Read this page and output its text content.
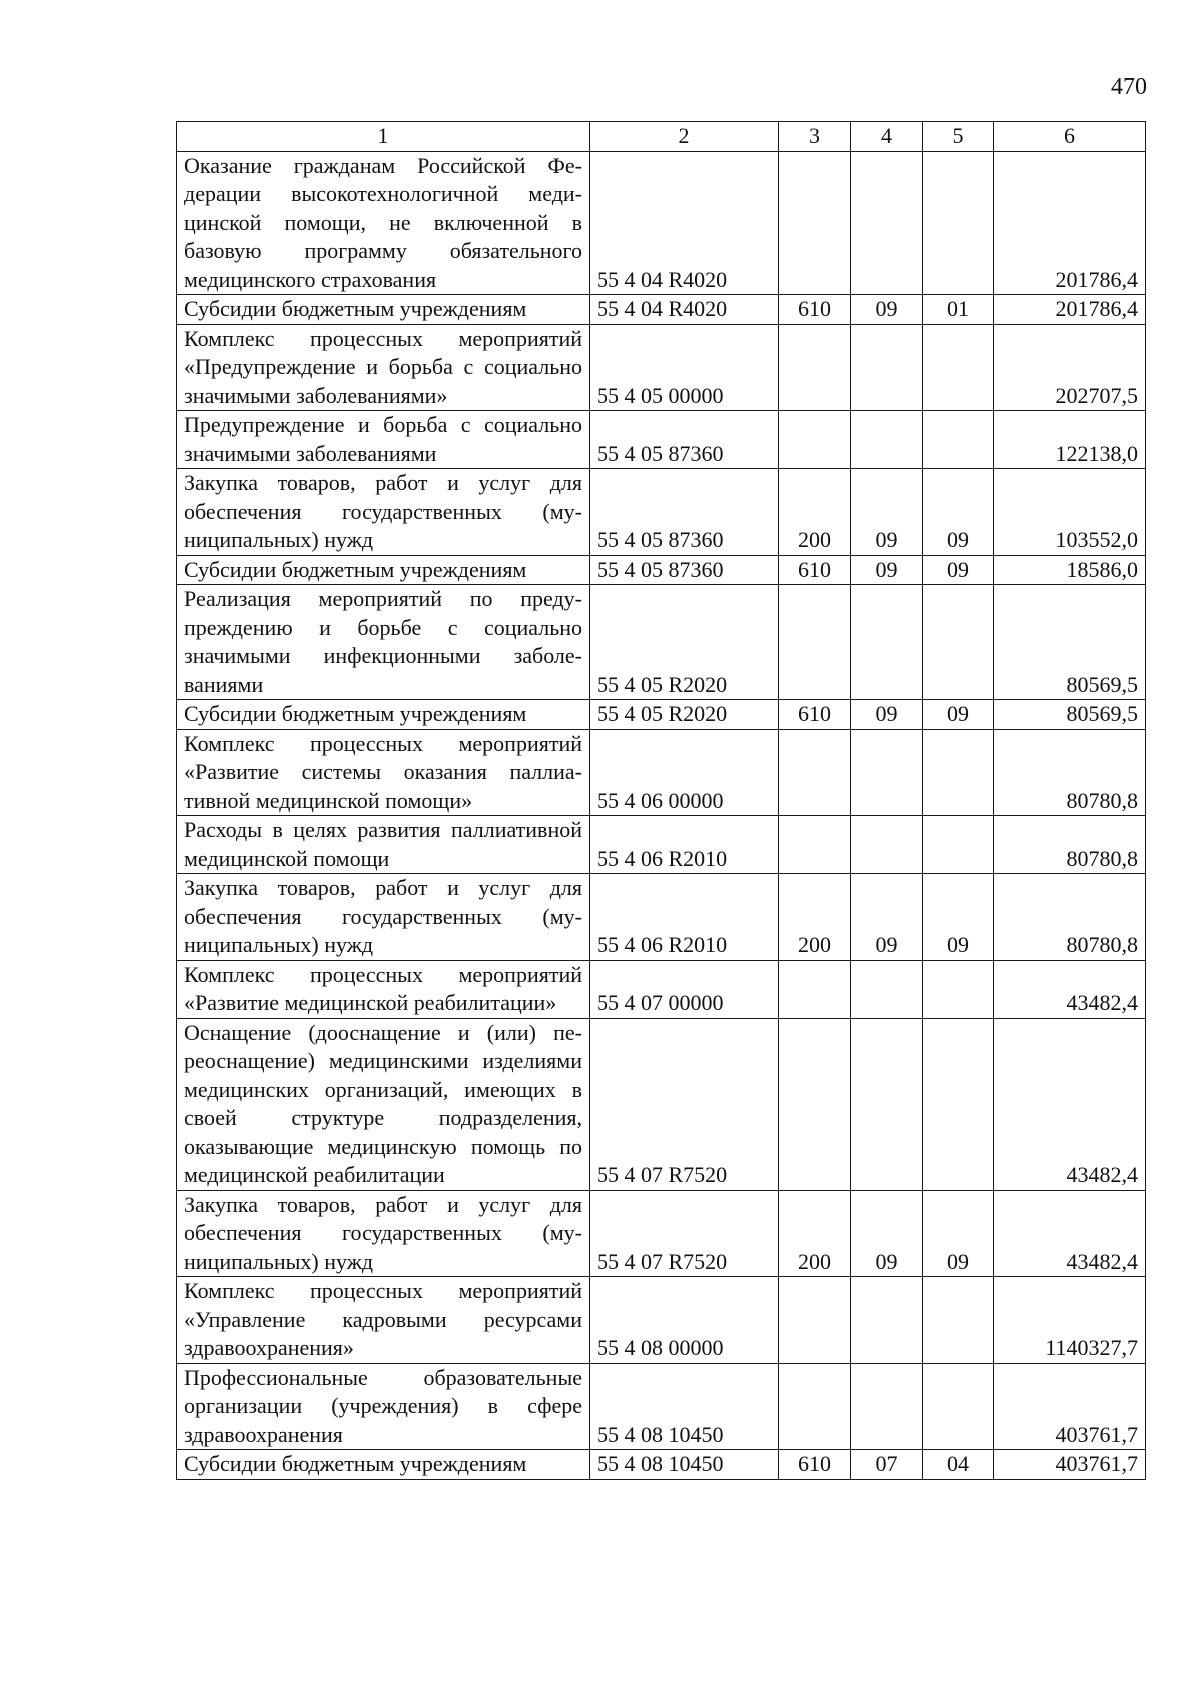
470
1	2	3	4	5	6
Оказание гражданам Российской Федерации высокотехнологичной медицинской помощи, не включенной в базовую программу обязательного медицинского страхования	55 4 04 R4020				201786,4
Субсидии бюджетным учреждениям	55 4 04 R4020	610	09	01	201786,4
Комплекс процессных мероприятий «Предупреждение и борьба с социально значимыми заболеваниями»	55 4 05 00000				202707,5
Предупреждение и борьба с социально значимыми заболеваниями	55 4 05 87360				122138,0
Закупка товаров, работ и услуг для обеспечения государственных (муниципальных) нужд	55 4 05 87360	200	09	09	103552,0
Субсидии бюджетным учреждениям	55 4 05 87360	610	09	09	18586,0
Реализация мероприятий по предупреждению и борьбе с социально значимыми инфекционными заболеваниями	55 4 05 R2020				80569,5
Субсидии бюджетным учреждениям	55 4 05 R2020	610	09	09	80569,5
Комплекс процессных мероприятий «Развитие системы оказания паллиативной медицинской помощи»	55 4 06 00000				80780,8
Расходы в целях развития паллиативной медицинской помощи	55 4 06 R2010				80780,8
Закупка товаров, работ и услуг для обеспечения государственных (муниципальных) нужд	55 4 06 R2010	200	09	09	80780,8
Комплекс процессных мероприятий «Развитие медицинской реабилитации»	55 4 07 00000				43482,4
Оснащение (дооснащение и (или) переоснащение) медицинскими изделиями медицинских организаций, имеющих в своей структуре подразделения, оказывающие медицинскую помощь по медицинской реабилитации	55 4 07 R7520				43482,4
Закупка товаров, работ и услуг для обеспечения государственных (муниципальных) нужд	55 4 07 R7520	200	09	09	43482,4
Комплекс процессных мероприятий «Управление кадровыми ресурсами здравоохранения»	55 4 08 00000				1140327,7
Профессиональные образовательные организации (учреждения) в сфере здравоохранения	55 4 08 10450				403761,7
Субсидии бюджетным учреждениям	55 4 08 10450	610	07	04	403761,7
